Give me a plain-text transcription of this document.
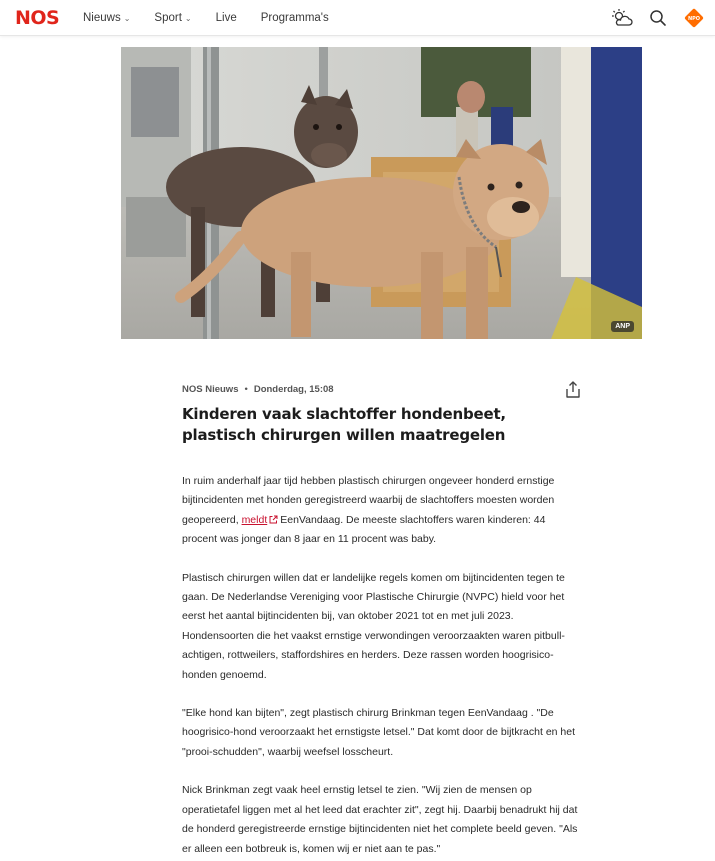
NOS Nieuws ⌄ Sport ⌄ Live Programma's	NPO
ANP
NOS Nieuws • Donderdag, 15:08
Kinderen vaak slachtoffer hondenbeet,
plastisch chirurgen willen maatregelen

In ruim anderhalf jaar tijd hebben plastisch chirurgen ongeveer honderd ernstige bijtincidenten met honden geregistreerd waarbij de slachtoffers moesten worden geopereerd, meldt EenVandaag. De meeste slachtoffers waren kinderen: 44 procent was jonger dan 8 jaar en 11 procent was baby.

Plastisch chirurgen willen dat er landelijke regels komen om bijtincidenten tegen te gaan. De Nederlandse Vereniging voor Plastische Chirurgie (NVPC) hield voor het eerst het aantal bijtincidenten bij, van oktober 2021 tot en met juli 2023. Hondensoorten die het vaakst ernstige verwondingen veroorzaakten waren pitbull-achtigen, rottweilers, staffordshires en herders. Deze rassen worden hoogrisico-honden genoemd.

"Elke hond kan bijten", zegt plastisch chirurg Brinkman tegen EenVandaag . "De hoogrisico-hond veroorzaakt het ernstigste letsel." Dat komt door de bijtkracht en het "prooi-schudden", waarbij weefsel losscheurt.

Nick Brinkman zegt vaak heel ernstig letsel te zien. "Wij zien de mensen op operatietafel liggen met al het leed dat erachter zit", zegt hij. Daarbij benadrukt hij dat de honderd geregistreerde ernstige bijtincidenten niet het complete beeld geven. "Als er alleen een botbreuk is, komen wij er niet aan te pas."
